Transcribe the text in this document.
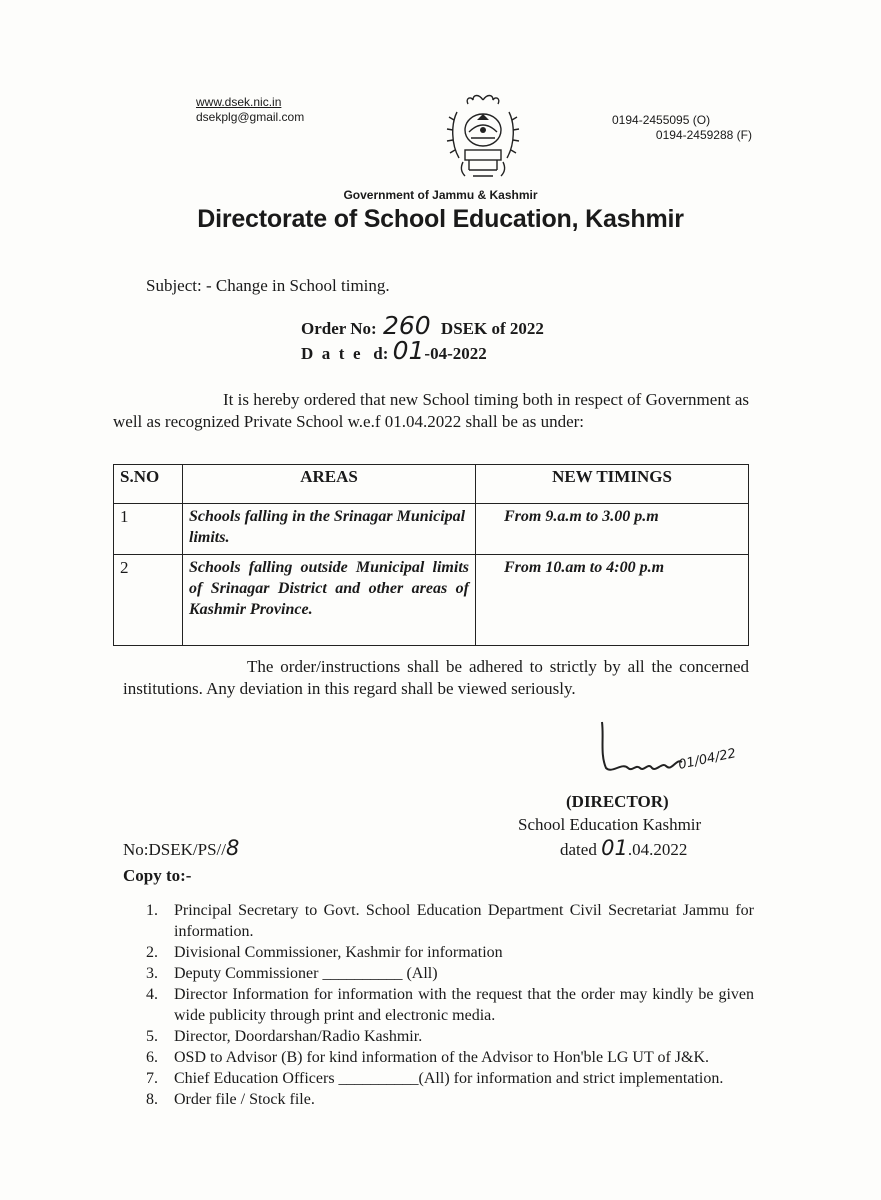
www.dsek.nic.in
dsekplg@gmail.com	0194-2455095 (O)
0194-2459288 (F)
Government of Jammu & Kashmir
Directorate of School Education, Kashmir
Subject: - Change in School timing.
Order No: 260 DSEK of 2022
D  a  t  e   d: 01-04-2022
It is hereby ordered that new School timing both in respect of Government as well as recognized Private School w.e.f 01.04.2022 shall be as under:
S.NO	AREAS	NEW TIMINGS
1	Schools falling in the Srinagar Municipal limits.	From 9.a.m to 3.00 p.m
2	Schools falling outside Municipal limits of Srinagar District and other areas of Kashmir Province.	From 10.am to 4:00 p.m
The order/instructions shall be adhered to strictly by all the concerned institutions. Any deviation in this regard shall be viewed seriously.
01/04/22
(DIRECTOR)
School Education Kashmir
dated 01.04.2022
No:DSEK/PS//8
Copy to:-
1. Principal Secretary to Govt. School Education Department Civil Secretariat Jammu for information.
2. Divisional Commissioner, Kashmir for information
3. Deputy Commissioner __________ (All)
4. Director Information for information with the request that the order may kindly be given wide publicity through print and electronic media.
5. Director, Doordarshan/Radio Kashmir.
6. OSD to Advisor (B) for kind information of the Advisor to Hon'ble LG UT of J&K.
7. Chief Education Officers __________(All) for information and strict implementation.
8. Order file / Stock file.
